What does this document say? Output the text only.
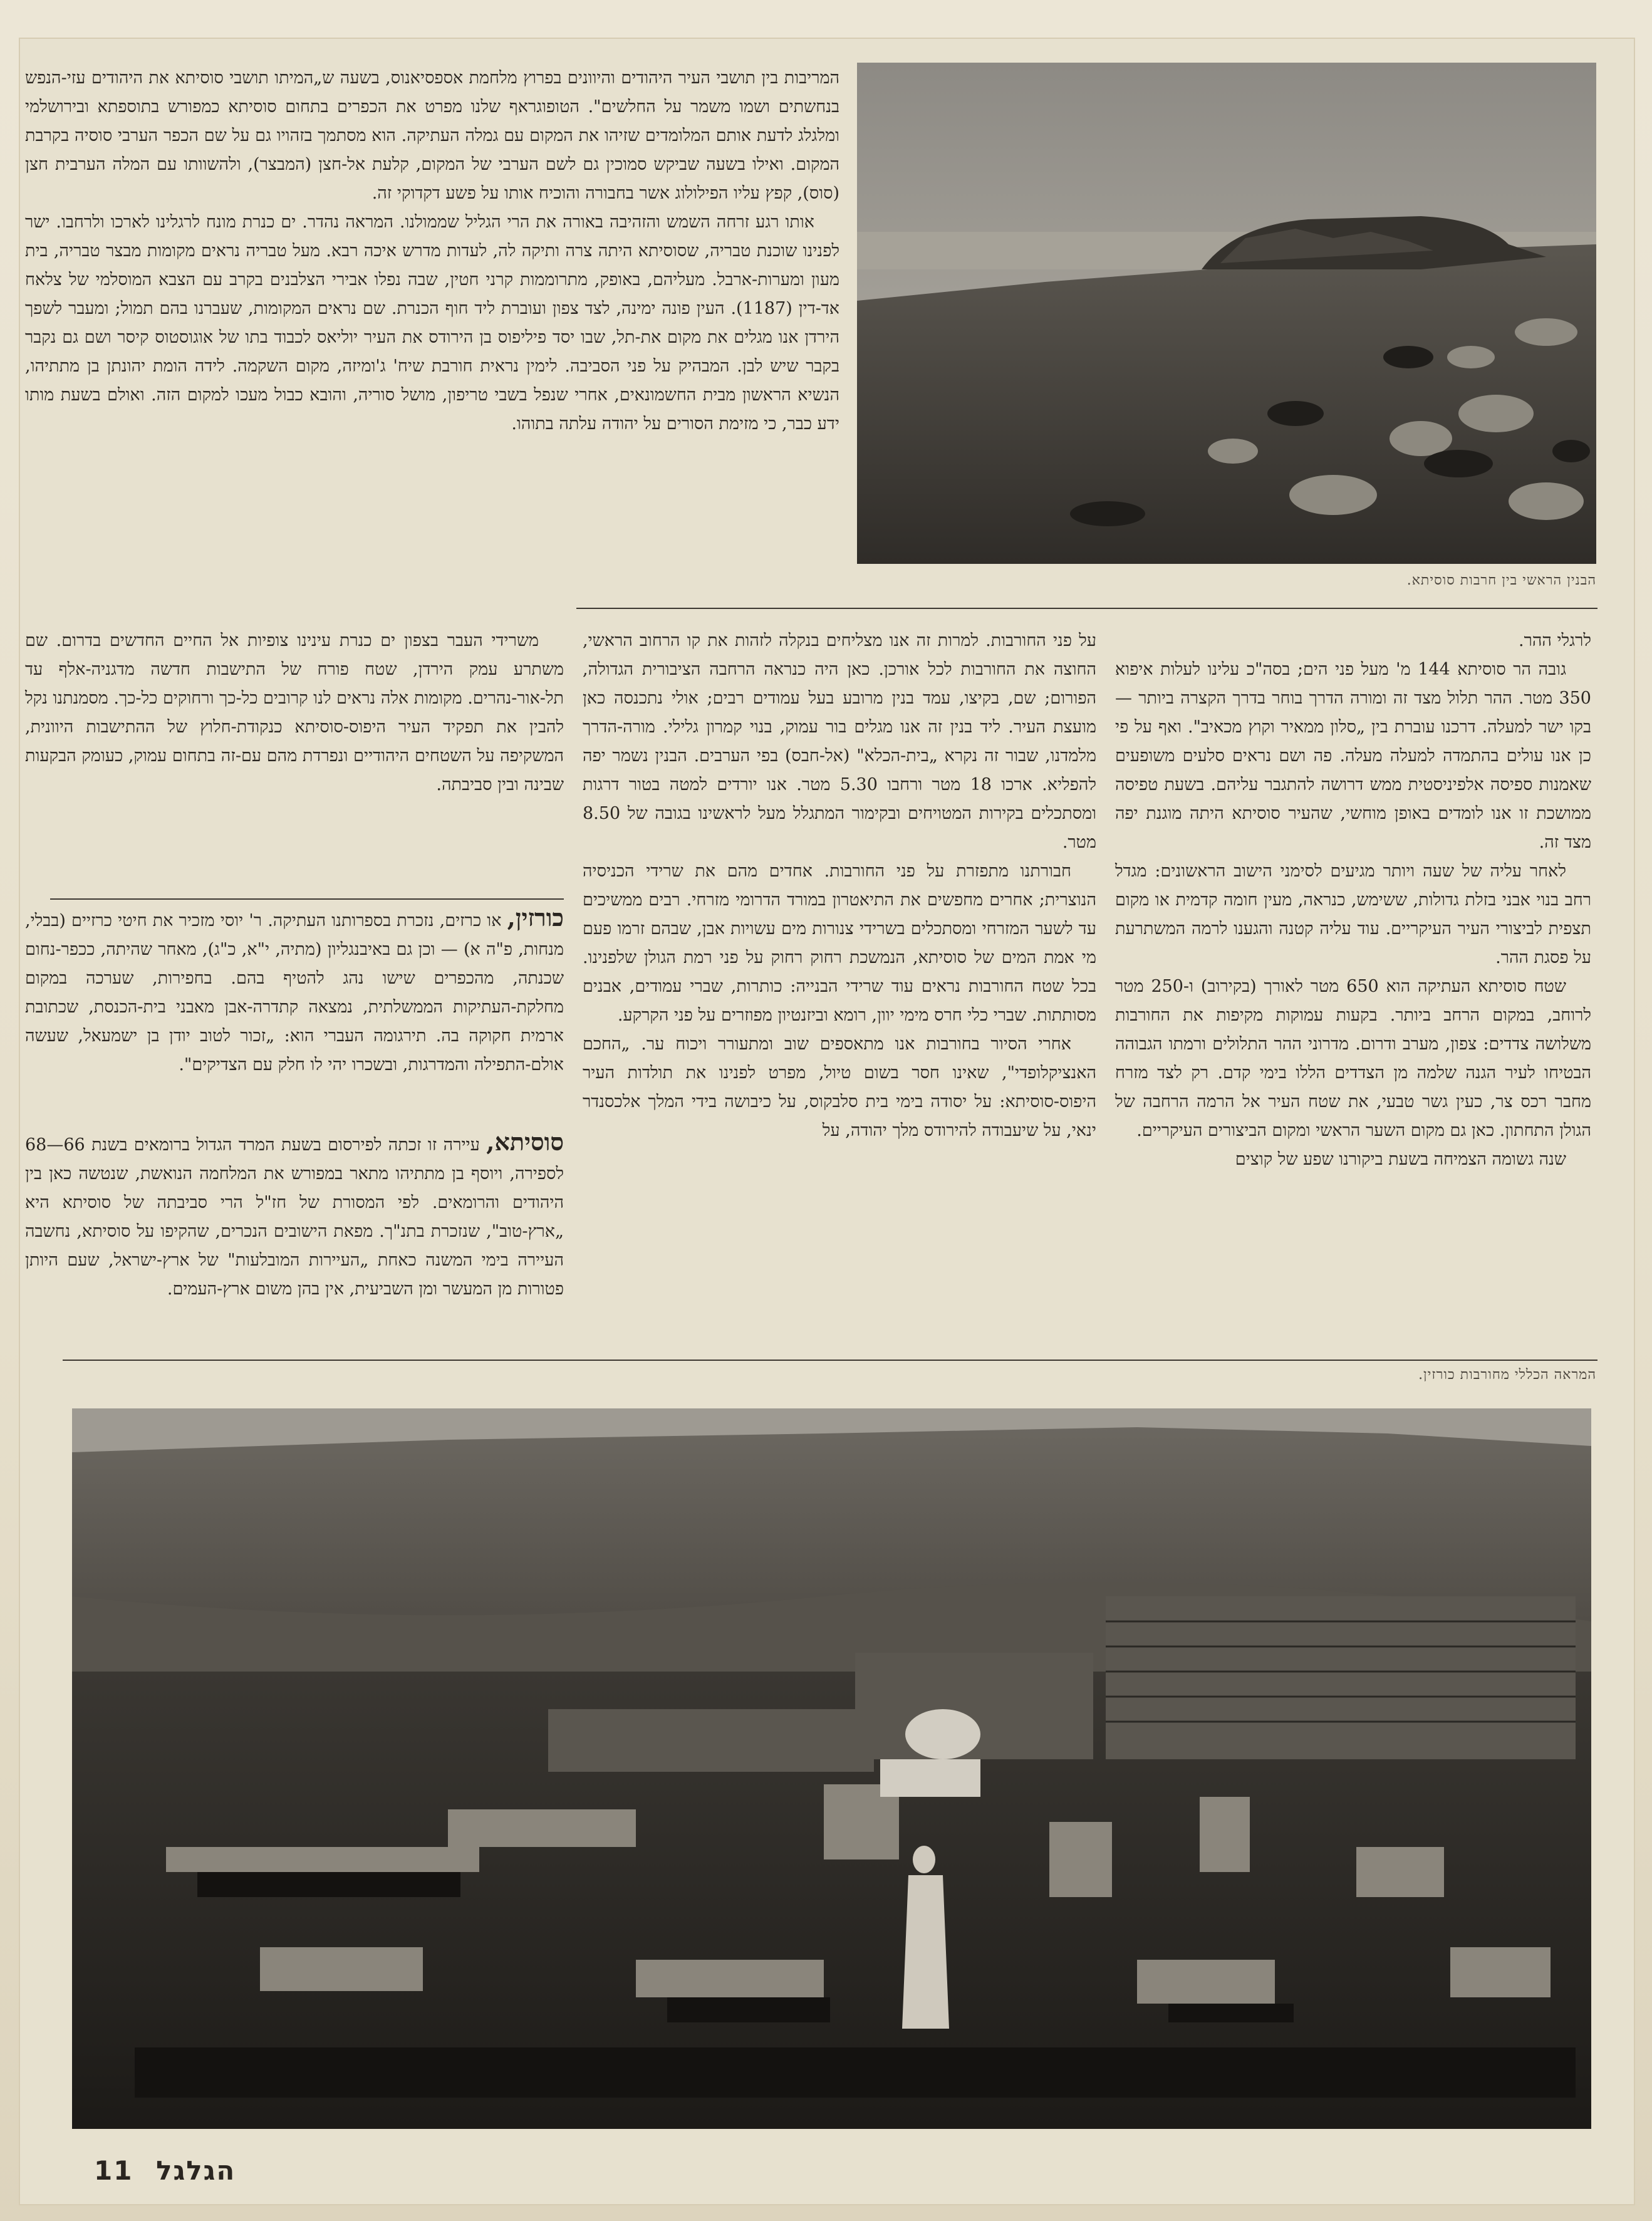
הבנין הראשי בין חרבות סוסיתא.

המריבות בין תושבי העיר היהודים והיוונים בפרוץ מלחמת אספסיאנוס, בשעה ש„המיתו תושבי סוסיתא את היהודים עזי-הנפש בנחשתים ושמו משמר על החלשים". הטופוגראף שלנו מפרט את הכפרים בתחום סוסיתא כמפורש בתוספתא ובירושלמי ומלגלג לדעת אותם המלומדים שזיהו את המקום עם גמלה העתיקה. הוא מסתמך בזהויו גם על שם הכפר הערבי סוסיה בקרבת המקום. ואילו בשעה שביקש סמוכין גם לשם הערבי של המקום, קלעת אל-חצן (המבצר), ולהשוותו עם המלה הערבית חצן (סוס), קפץ עליו הפילולוג אשר בחבורה והוכיח אותו על פשע דקדוקי זה.

אותו רגע זרחה השמש והזהיבה באורה את הרי הגליל שממולנו. המראה נהדר. ים כנרת מונח לרגלינו לארכו ולרחבו. ישר לפנינו שוכנת טבריה, שסוסיתא היתה צרה ותיקה לה, לעדות מדרש איכה רבא. מעל טבריה נראים מקומות מבצר טבריה, בית מעון ומערות-ארבל. מעליהם, באופק, מתרוממות קרני חטין, שבה נפלו אבירי הצלבנים בקרב עם הצבא המוסלמי של צלאח אד-דין (1187). העין פונה ימינה, לצד צפון ועוברת ליד חוף הכנרת. שם נראים המקומות, שעברנו בהם תמול; ומעבר לשפך הירדן אנו מגלים את מקום את-תל, שבו יסד פיליפוס בן הירודס את העיר יוליאס לכבוד בתו של אוגוסטוס קיסר ושם גם נקבר בקבר שיש לבן. המבהיק על פני הסביבה. לימין נראית חורבת שיח' ג'ומיזה, מקום השקמה. לידה הומת יהונתן בן מתתיהו, הנשיא הראשון מבית החשמונאים, אחרי שנפל בשבי טריפון, מושל סוריה, והובא כבול מעכו למקום הזה. ואולם בשעת מותו ידע כבר, כי מזימת הסורים על יהודה עלתה בתוהו.

משרידי העבר בצפון ים כנרת עינינו צופיות אל החיים החדשים בדרום. שם משתרע עמק הירדן, שטח פורח של התישבות חדשה מדגניה-אלף עד תל-אור-נהרים. מקומות אלה נראים לנו קרובים כל-כך ורחוקים כל-כך. מסמנתנו נקל להבין את תפקיד העיר היפוס-סוסיתא כנקודת-חלוץ של ההתישבות היוונית, המשקיפה על השטחים היהודיים ונפרדת מהם עם-זה בתחום עמוק, כעומק הבקעות שבינה ובין סביבתה.

כורזין, או כרזים, נזכרת בספרותנו העתיקה. ר' יוסי מזכיר את חיטי כרזיים (בבלי, מנחות, פ"ה א) — וכן גם באיבנגליון (מתיה, י"א, כ"ג), מאחר שהיתה, ככפר-נחום שכנתה, מהכפרים שישו נהג להטיף בהם. בחפירות, שערכה במקום מחלקת-העתיקות הממשלתית, נמצאה קתדרה-אבן מאבני בית-הכנסת, שכתובת ארמית חקוקה בה. תירגומה העברי הוא: „זכור לטוב יודן בן ישמעאל, שעשה אולם-התפילה והמדרגות, ובשכרו יהי לו חלק עם הצדיקים".

סוסיתא, עיירה זו זכתה לפירסום בשעת המרד הגדול ברומאים בשנת 66—68 לספירה, ויוסף בן מתתיהו מתאר במפורש את המלחמה הנואשת, שנטשה כאן בין היהודים והרומאים. לפי המסורת של חז"ל הרי סביבתה של סוסיתא היא „ארץ-טוב", שנזכרת בתנ"ך. מפאת הישובים הנכרים, שהקיפו על סוסיתא, נחשבה העיירה בימי המשנה כאחת „העיירות המובלעות" של ארץ-ישראל, שעם היותן פטורות מן המעשר ומן השביעית, אין בהן משום ארץ-העמים.

על פני החורבות. למרות זה אנו מצליחים בנקלה לזהות את קו הרחוב הראשי, החוצה את החורבות לכל אורכן. כאן היה כנראה הרחבה הציבורית הגדולה, הפורום; שם, בקיצו, עמד בנין מרובע בעל עמודים רבים; אולי נתכנסה כאן מועצת העיר. ליד בנין זה אנו מגלים בור עמוק, בנוי קמרון גלילי. מורה-הדרך מלמדנו, שבור זה נקרא „בית-הכלא" (אל-חבס) בפי הערבים. הבנין נשמר יפה להפליא. ארכו 18 מטר ורחבו 5.30 מטר. אנו יורדים למטה בטור דרגות ומסתכלים בקירות המטויחים ובקימור המתגלל מעל לראשינו בגובה של 8.50 מטר.

חבורתנו מתפזרת על פני החורבות. אחדים מהם את שרידי הכניסיה הנוצרית; אחרים מחפשים את התיאטרון במורד הדרומי מזרחי. רבים ממשיכים עד לשער המזרחי ומסתכלים בשרידי צנורות מים עשויות אבן, שבהם זרמו פעם מי אמת המים של סוסיתא, הנמשכת רחוק רחוק על פני רמת הגולן שלפנינו. בכל שטח החורבות נראים עוד שרידי הבנייה: כותרות, שברי עמודים, אבנים מסותתות. שברי כלי חרס מימי יוון, רומא וביזנטיון מפוזרים על פני הקרקע.

אחרי הסיור בחורבות אנו מתאספים שוב ומתעורר ויכוח ער. „החכם האנציקלופדי", שאינו חסר בשום טיול, מפרט לפנינו את תולדות העיר היפוס-סוסיתא: על יסודה בימי בית סלבקוס, על כיבושה בידי המלך אלכסנדר ינאי, על שיעבודה להירודס מלך יהודה, על

לרגלי ההר.

גובה הר סוסיתא 144 מ' מעל פני הים; בסה"כ עלינו לעלות איפוא 350 מטר. ההר תלול מצד זה ומורה הדרך בוחר בדרך הקצרה ביותר — בקו ישר למעלה. דרכנו עוברת בין „סלון ממאיר וקוץ מכאיב". ואף על פי כן אנו עולים בהתמדה למעלה מעלה. פה ושם נראים סלעים משופעים שאמנות ספיסה אלפיניסטית ממש דרושה להתגבר עליהם. בשעת טפיסה ממושכת זו אנו לומדים באופן מוחשי, שהעיר סוסיתא היתה מוגנת יפה מצד זה.

לאחר עליה של שעה ויותר מגיעים לסימני הישוב הראשונים: מגדל רחב בנוי אבני בזלת גדולות, ששימש, כנראה, מעין חומה קדמית או מקום תצפית לביצורי העיר העיקריים. עוד עליה קטנה והגענו לרמה המשתרעת על פסגת ההר.

שטח סוסיתא העתיקה הוא 650 מטר לאורך (בקירוב) ו-250 מטר לרוחב, במקום הרחב ביותר. בקעות עמוקות מקיפות את החורבות משלושה צדדים: צפון, מערב ודרום. מדרוני ההר התלולים ורמתו הגבוהה הבטיחו לעיר הגנה שלמה מן הצדדים הללו בימי קדם. רק לצד מזרח מחבר רכס צר, כעין גשר טבעי, את שטח העיר אל הרמה הרחבה של הגולן התחתון. כאן גם מקום השער הראשי ומקום הביצורים העיקריים.

שנה גשומה הצמיחה בשעת ביקורנו שפע של קוצים

המראה הכללי מחורבות כורזין.
הגלגל 11
